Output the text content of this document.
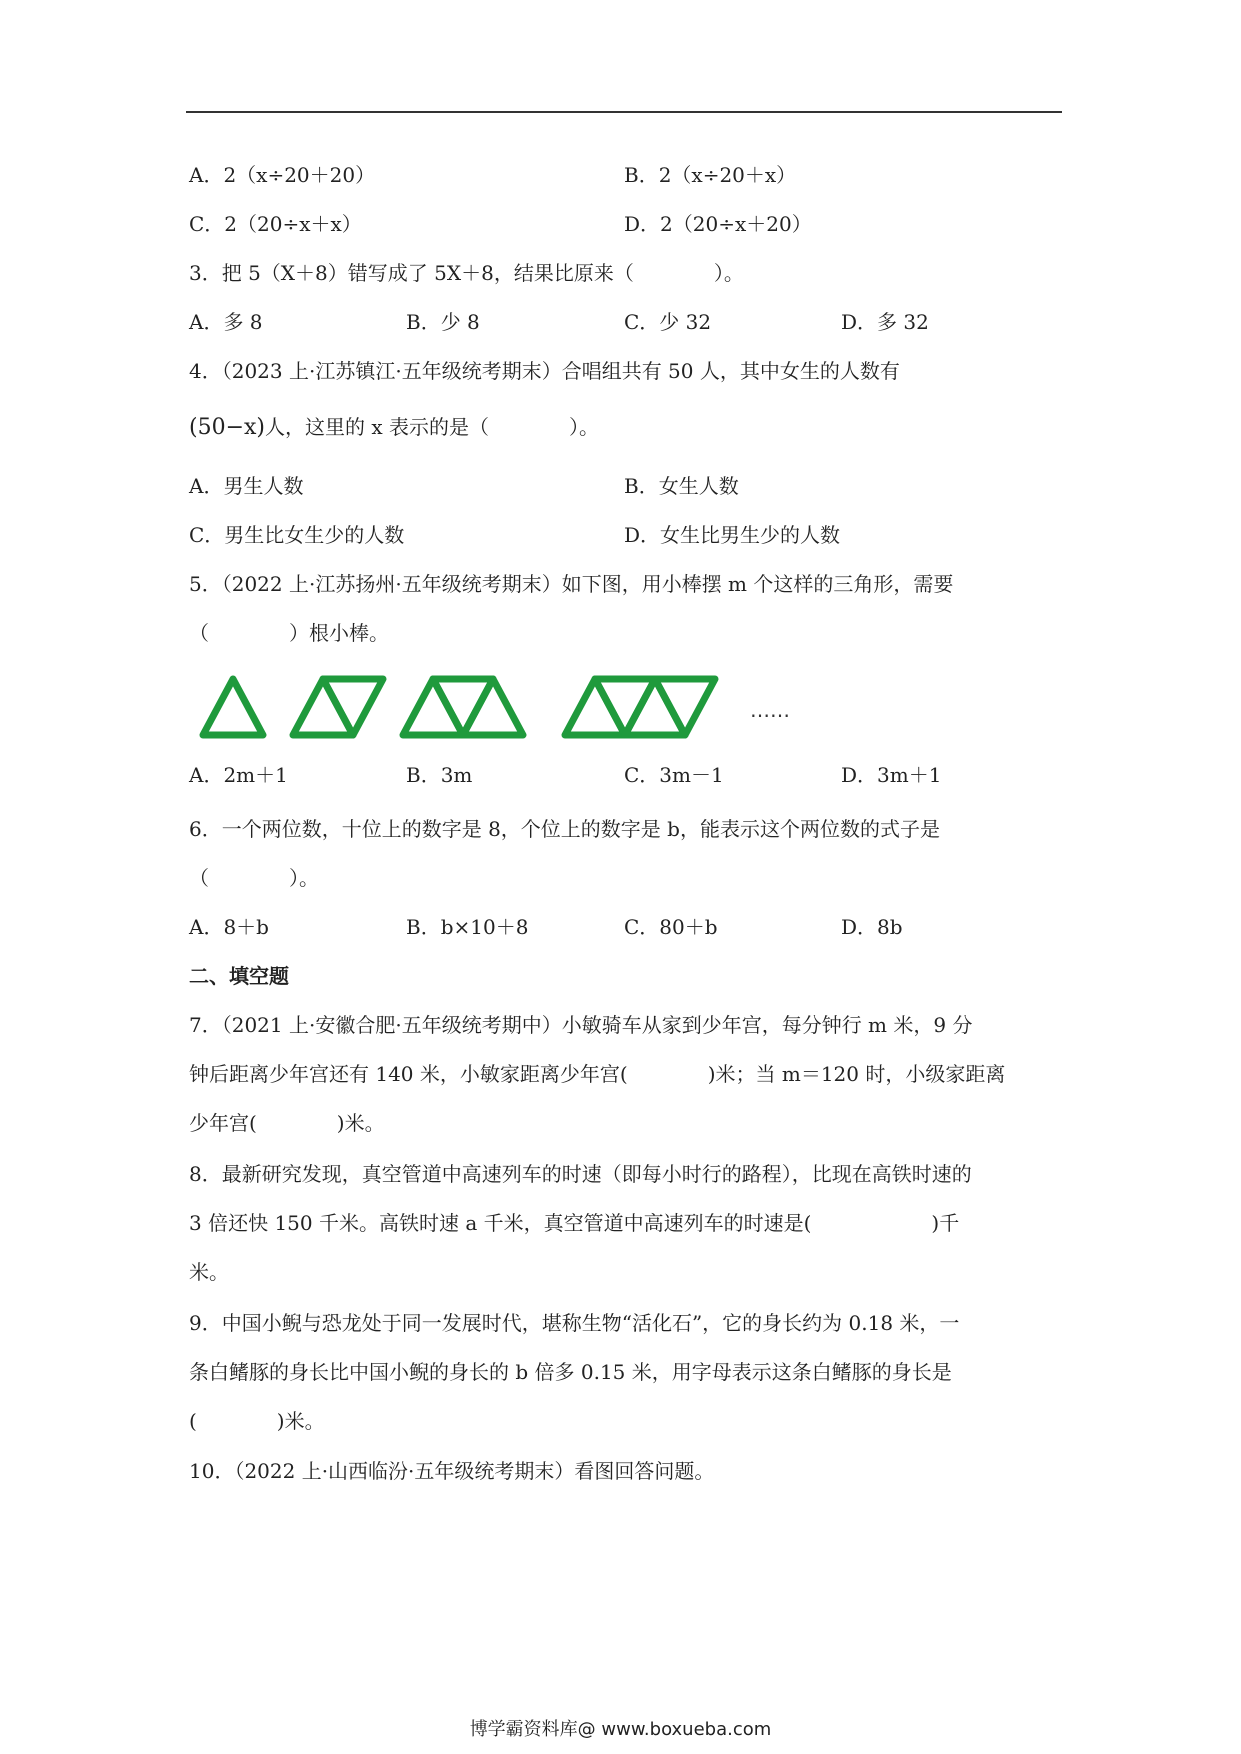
A．2（x÷20＋20）	B．2（x÷20＋x）
C．2（20÷x＋x）	D．2（20÷x＋20）
3．把 5（X＋8）错写成了 5X＋8，结果比原来（　　　　）。
A．多 8	B．少 8	C．少 32	D．多 32
4．（2023 上·江苏镇江·五年级统考期末）合唱组共有 50 人，其中女生的人数有
(50−x)人，这里的 x 表示的是（　　　　）。
A．男生人数	B．女生人数
C．男生比女生少的人数	D．女生比男生少的人数
5．（2022 上·江苏扬州·五年级统考期末）如下图，用小棒摆 m 个这样的三角形，需要
（　　　　）根小棒。
……
A．2m＋1	B．3m	C．3m－1	D．3m＋1
6．一个两位数，十位上的数字是 8，个位上的数字是 b，能表示这个两位数的式子是
（　　　　）。
A．8＋b	B．b×10＋8	C．80＋b	D．8b
二、填空题
7．（2021 上·安徽合肥·五年级统考期中）小敏骑车从家到少年宫，每分钟行 m 米，9 分
钟后距离少年宫还有 140 米，小敏家距离少年宫(　　　　)米；当 m＝120 时，小级家距离
少年宫(　　　　)米。
8．最新研究发现，真空管道中高速列车的时速（即每小时行的路程），比现在高铁时速的
3 倍还快 150 千米。高铁时速 a 千米，真空管道中高速列车的时速是(　　　　　　)千
米。
9．中国小鲵与恐龙处于同一发展时代，堪称生物“活化石”，它的身长约为 0.18 米，一
条白鳍豚的身长比中国小鲵的身长的 b 倍多 0.15 米，用字母表示这条白鳍豚的身长是
(　　　　)米。
10．（2022 上·山西临汾·五年级统考期末）看图回答问题。
博学霸资料库@ www.boxueba.com
